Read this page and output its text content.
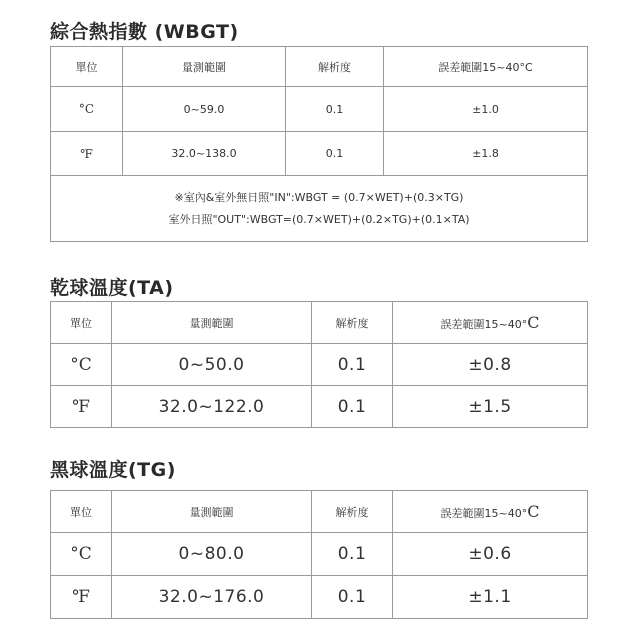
綜合熱指數 (WBGT)
單位	量測範圍	解析度	誤差範圍15~40°C
°C	0~59.0	0.1	±1.0
℉	32.0~138.0	0.1	±1.8

※室內&室外無日照"IN":WBGT = (0.7×WET)+(0.3×TG)
室外日照"OUT":WBGT=(0.7×WET)+(0.2×TG)+(0.1×TA)			
乾球溫度(TA)
單位	量測範圍	解析度	誤差範圍15~40°C
°C	0~50.0	0.1	±0.8
℉	32.0~122.0	0.1	±1.5
黑球溫度(TG)
單位	量測範圍	解析度	誤差範圍15~40°C
°C	0~80.0	0.1	±0.6
℉	32.0~176.0	0.1	±1.1
